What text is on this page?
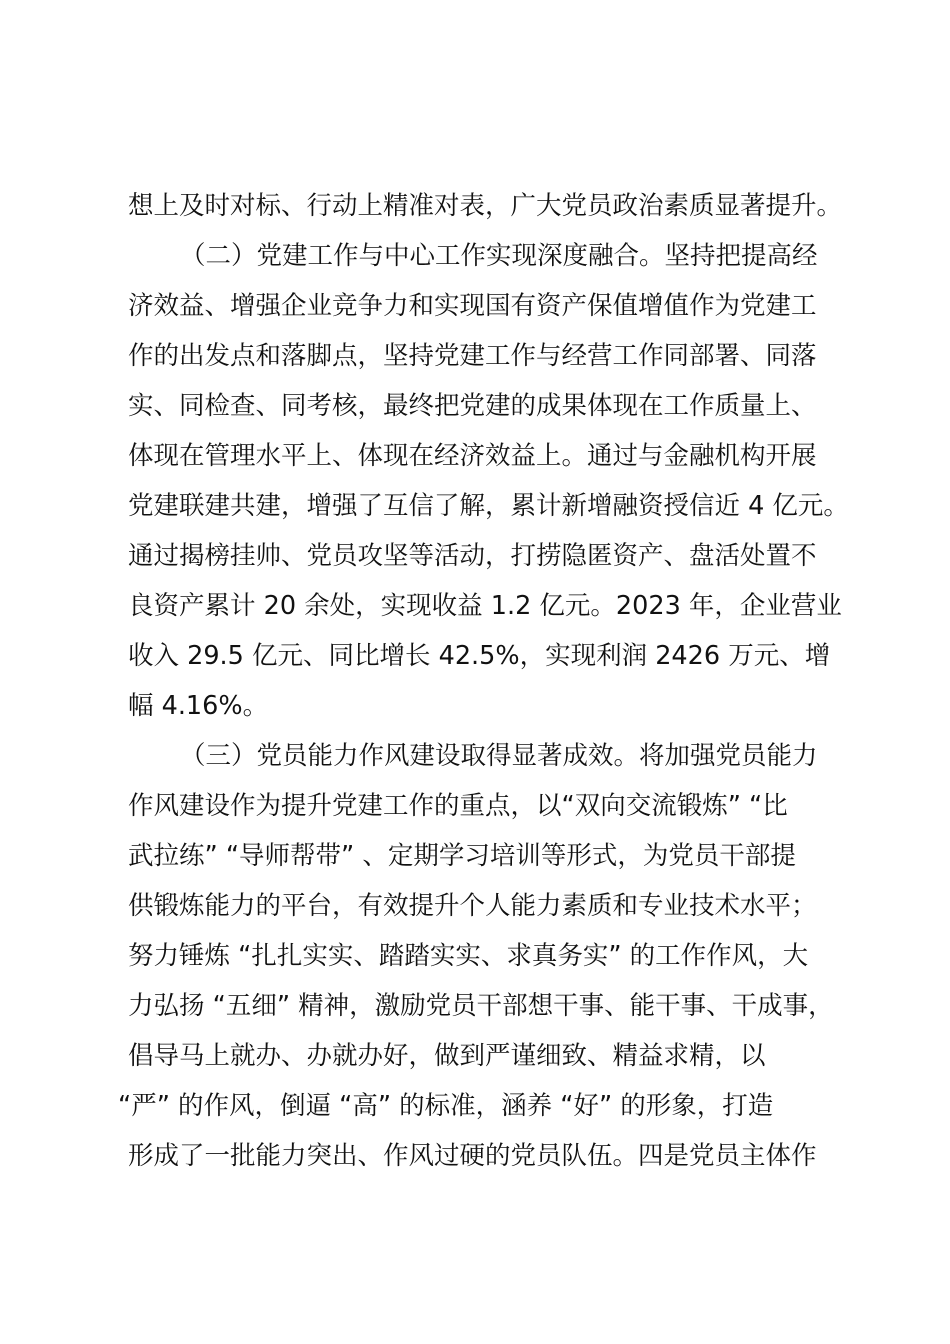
想上及时对标、行动上精准对表，广大党员政治素质显著提升。
（二）党建工作与中心工作实现深度融合。坚持把提高经
济效益、增强企业竞争力和实现国有资产保值增值作为党建工
作的出发点和落脚点，坚持党建工作与经营工作同部署、同落
实、同检查、同考核，最终把党建的成果体现在工作质量上、
体现在管理水平上、体现在经济效益上。通过与金融机构开展
党建联建共建，增强了互信了解，累计新增融资授信近 4 亿元。
通过揭榜挂帅、党员攻坚等活动，打捞隐匿资产、盘活处置不
良资产累计 20 余处，实现收益 1.2 亿元。2023 年，企业营业
收入 29.5 亿元、同比增长 42.5%，实现利润 2426 万元、增
幅 4.16%。
（三）党员能力作风建设取得显著成效。将加强党员能力
作风建设作为提升党建工作的重点，以“双向交流锻炼” “比
武拉练” “导师帮带” 、定期学习培训等形式，为党员干部提
供锻炼能力的平台，有效提升个人能力素质和专业技术水平；
努力锤炼 “扎扎实实、踏踏实实、求真务实” 的工作作风，大
力弘扬 “五细” 精神，激励党员干部想干事、能干事、干成事，
倡导马上就办、办就办好，做到严谨细致、精益求精，以
“严” 的作风，倒逼 “高” 的标准，涵养 “好” 的形象，打造
形成了一批能力突出、作风过硬的党员队伍。四是党员主体作
